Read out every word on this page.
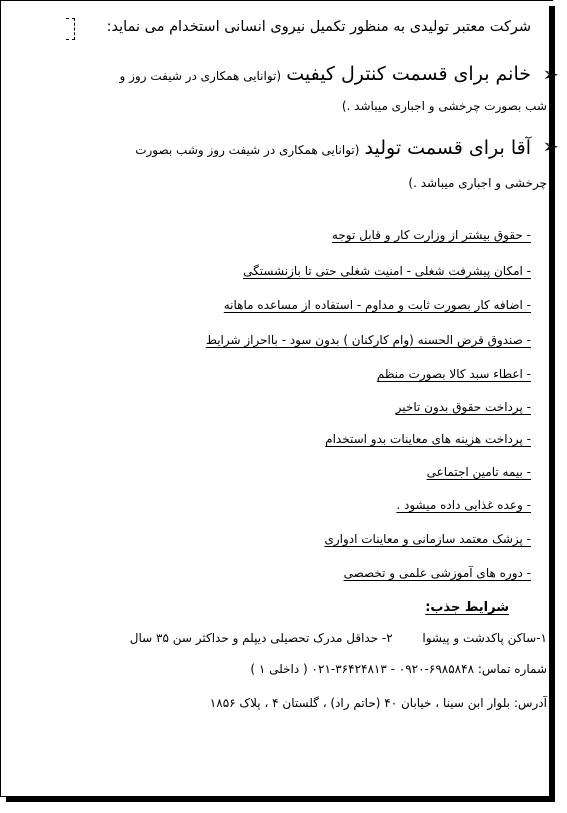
شرکت معتبر تولیدی به منظور تکمیل نیروی انسانی استخدام می نماید:
➢
خانم برای قسمت کنترل کیفیت (توانایی همکاری در شیفت روز و
شب بصورت چرخشی و اجباری میباشد .)
➢
آقا برای قسمت تولید (توانایی همکاری در شیفت روز وشب بصورت
چرخشی و اجباری میباشد .)
- حقوق بیشتر از وزارت کار و قابل توجه
- امکان پیشرفت شغلی - امنیت شغلی حتی تا بازنشستگی
- اضافه کار بصورت ثابت و مداوم - استفاده از مساعده ماهانه
- صندوق قرض الحسنه (وام کارکنان ) بدون سود - بااحراز شرایط
- اعطاء سبد کالا بصورت منظم
- پرداخت حقوق بدون تاخیر
- پرداخت هزینه های معاینات بدو استخدام
- بیمه تامین اجتماعی
- وعده غذایی داده میشود .
- پزشک معتمد سازمانی و معاینات ادواری
- دوره های آموزشی علمی و تخصصی
شرایط جذب:
۱-ساکن پاکدشت و پیشوا  ۲- حداقل مدرک تحصیلی دیپلم و حداکثر سن ۳۵ سال
شماره تماس: ۶۹۸۵۸۴۸-۰۹۲۰ - ۳۶۴۲۴۸۱۳-۰۲۱ ( داخلی ۱ )
آدرس: بلوار ابن سینا ، خیابان ۴۰ (حاتم راد) ، گلستان ۴ ، پلاک ۱۸۵۶
